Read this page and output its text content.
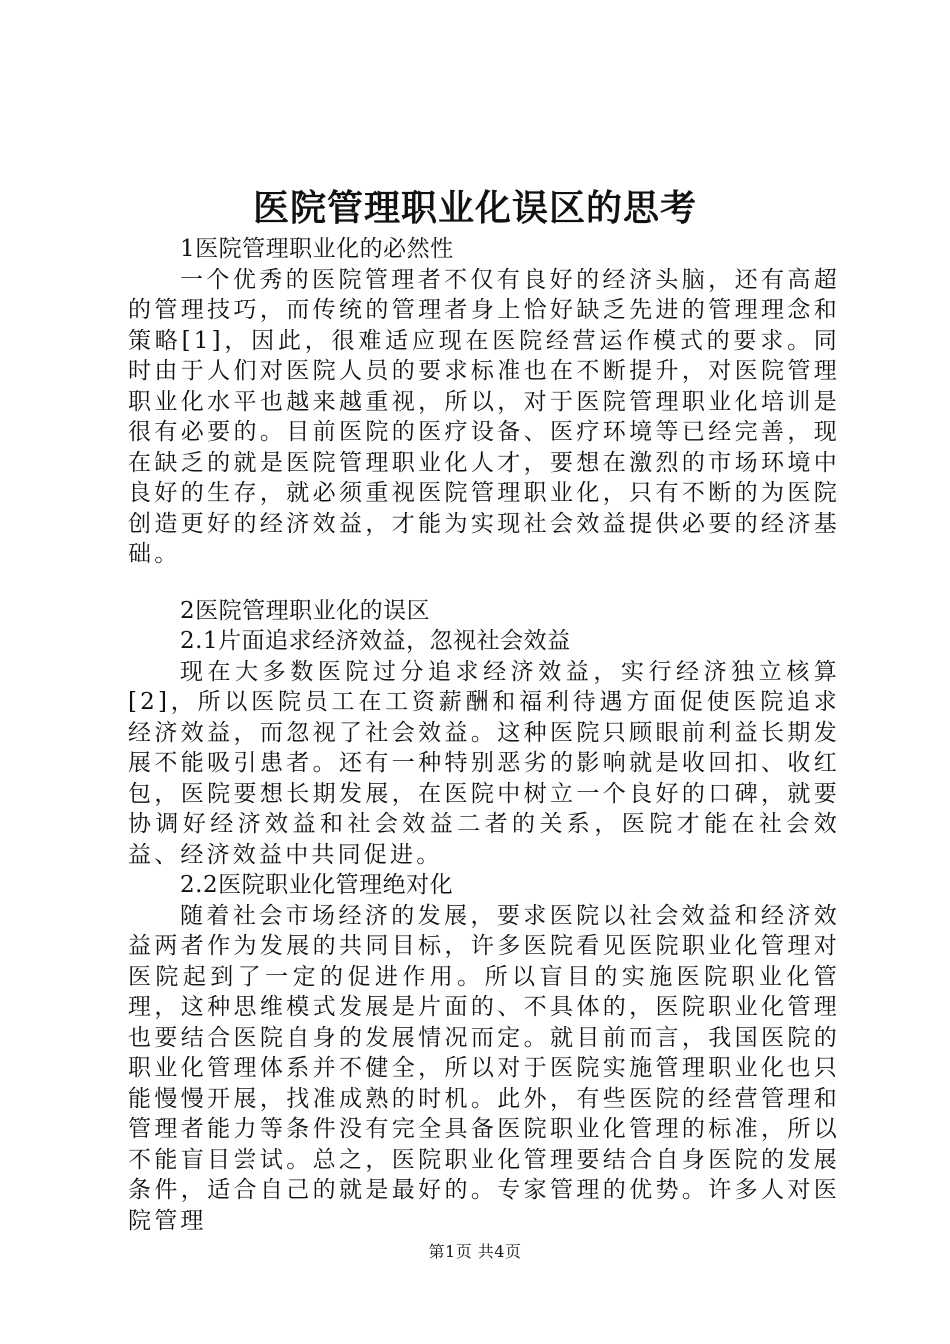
医院管理职业化误区的思考

1医院管理职业化的必然性

一个优秀的医院管理者不仅有良好的经济头脑，还有高超的管理技巧，而传统的管理者身上恰好缺乏先进的管理理念和策略[1]，因此，很难适应现在医院经营运作模式的要求。同时由于人们对医院人员的要求标准也在不断提升，对医院管理职业化水平也越来越重视，所以，对于医院管理职业化培训是很有必要的。目前医院的医疗设备、医疗环境等已经完善，现在缺乏的就是医院管理职业化人才，要想在激烈的市场环境中良好的生存，就必须重视医院管理职业化，只有不断的为医院创造更好的经济效益，才能为实现社会效益提供必要的经济基础。

2医院管理职业化的误区

2.1片面追求经济效益，忽视社会效益

现在大多数医院过分追求经济效益，实行经济独立核算[2]，所以医院员工在工资薪酬和福利待遇方面促使医院追求经济效益，而忽视了社会效益。这种医院只顾眼前利益长期发展不能吸引患者。还有一种特别恶劣的影响就是收回扣、收红包，医院要想长期发展，在医院中树立一个良好的口碑，就要协调好经济效益和社会效益二者的关系，医院才能在社会效益、经济效益中共同促进。

2.2医院职业化管理绝对化

随着社会市场经济的发展，要求医院以社会效益和经济效益两者作为发展的共同目标，许多医院看见医院职业化管理对医院起到了一定的促进作用。所以盲目的实施医院职业化管理，这种思维模式发展是片面的、不具体的，医院职业化管理也要结合医院自身的发展情况而定。就目前而言，我国医院的职业化管理体系并不健全，所以对于医院实施管理职业化也只能慢慢开展，找准成熟的时机。此外，有些医院的经营管理和管理者能力等条件没有完全具备医院职业化管理的标准，所以不能盲目尝试。总之，医院职业化管理要结合自身医院的发展条件，适合自己的就是最好的。专家管理的优势。许多人对医院管理

第1页 共4页
